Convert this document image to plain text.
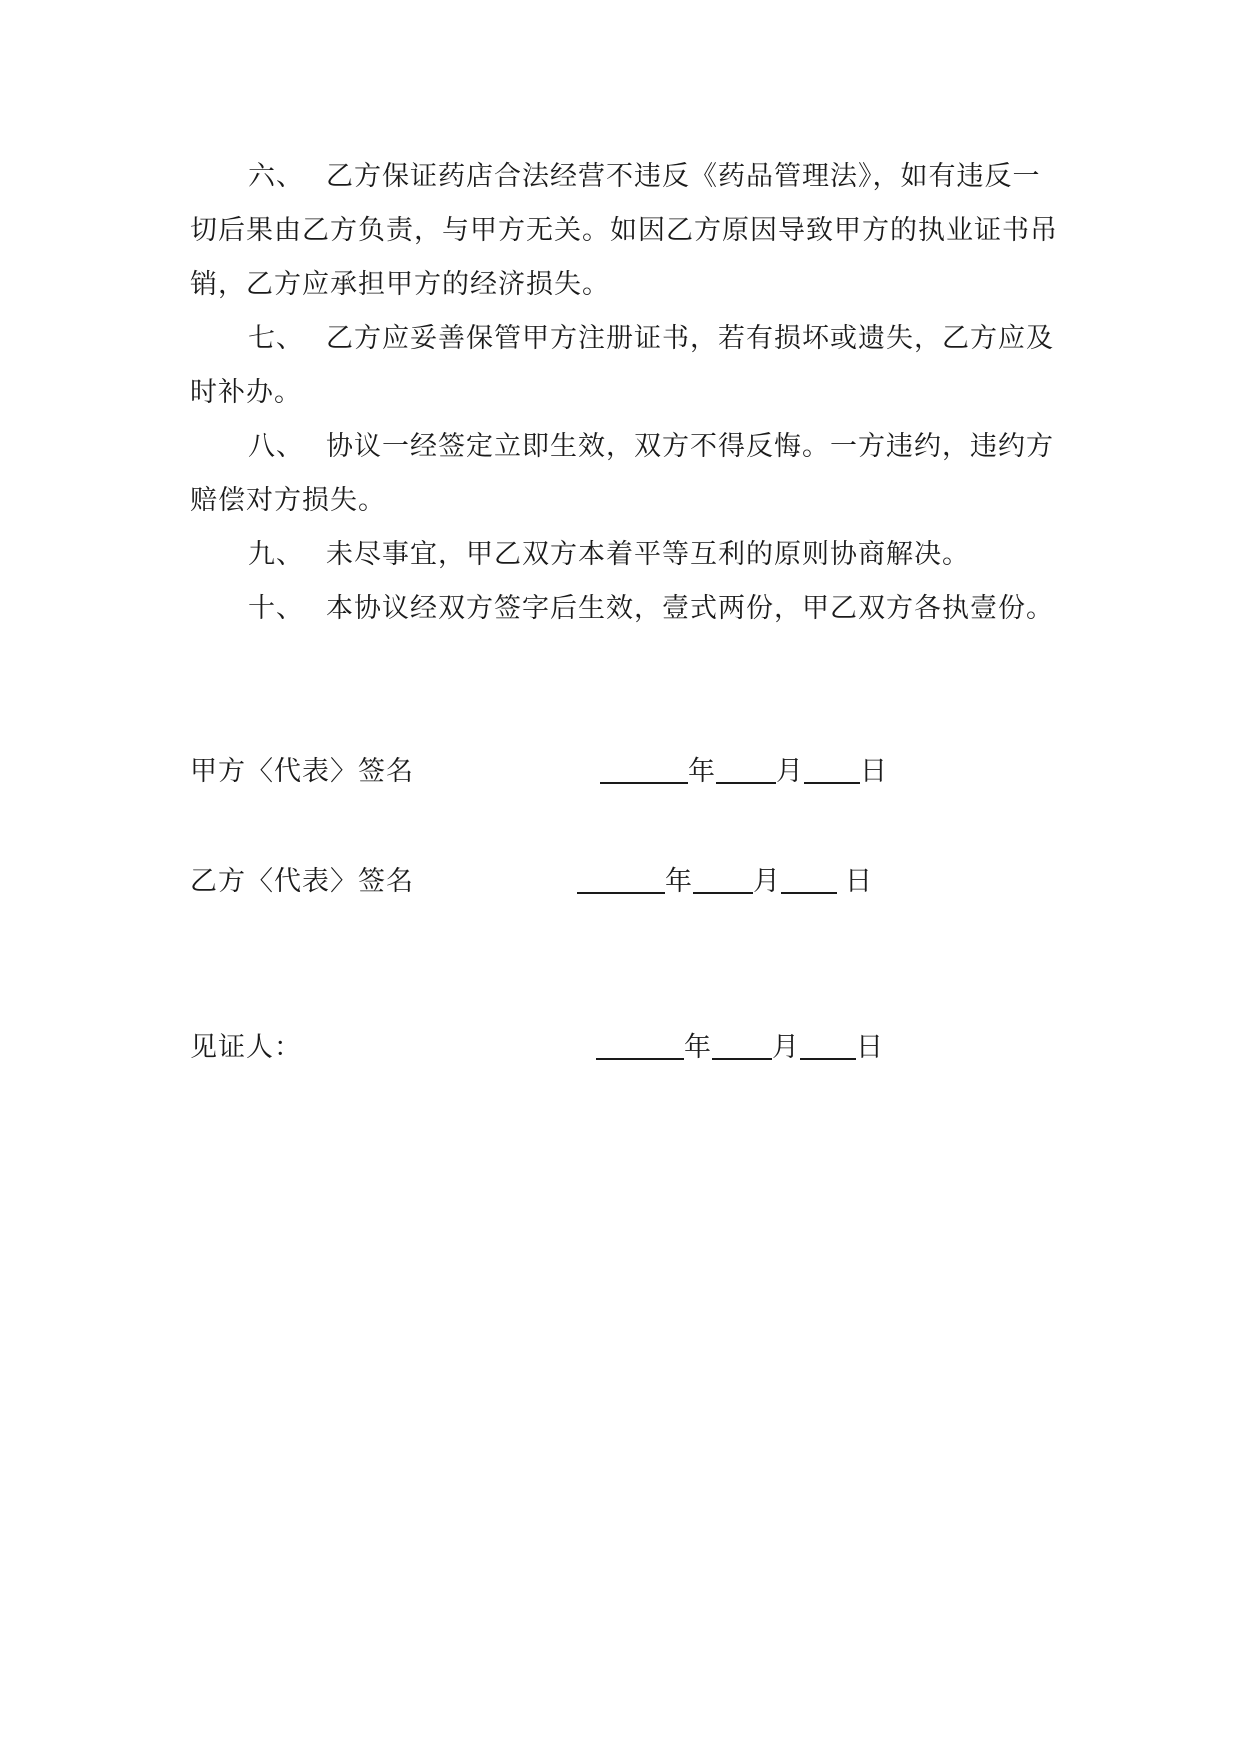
六、 乙方保证药店合法经营不违反《药品管理法》，如有违反一切后果由乙方负责，与甲方无关。如因乙方原因导致甲方的执业证书吊销，乙方应承担甲方的经济损失。

七、 乙方应妥善保管甲方注册证书，若有损坏或遗失，乙方应及时补办。

八、 协议一经签定立即生效，双方不得反悔。一方违约，违约方赔偿对方损失。

九、 未尽事宜，甲乙双方本着平等互利的原则协商解决。

十、 本协议经双方签字后生效，壹式两份，甲乙双方各执壹份。

甲方〈代表〉签名	年 月 日
乙方〈代表〉签名	年 月 日
见证人：	年 月 日
